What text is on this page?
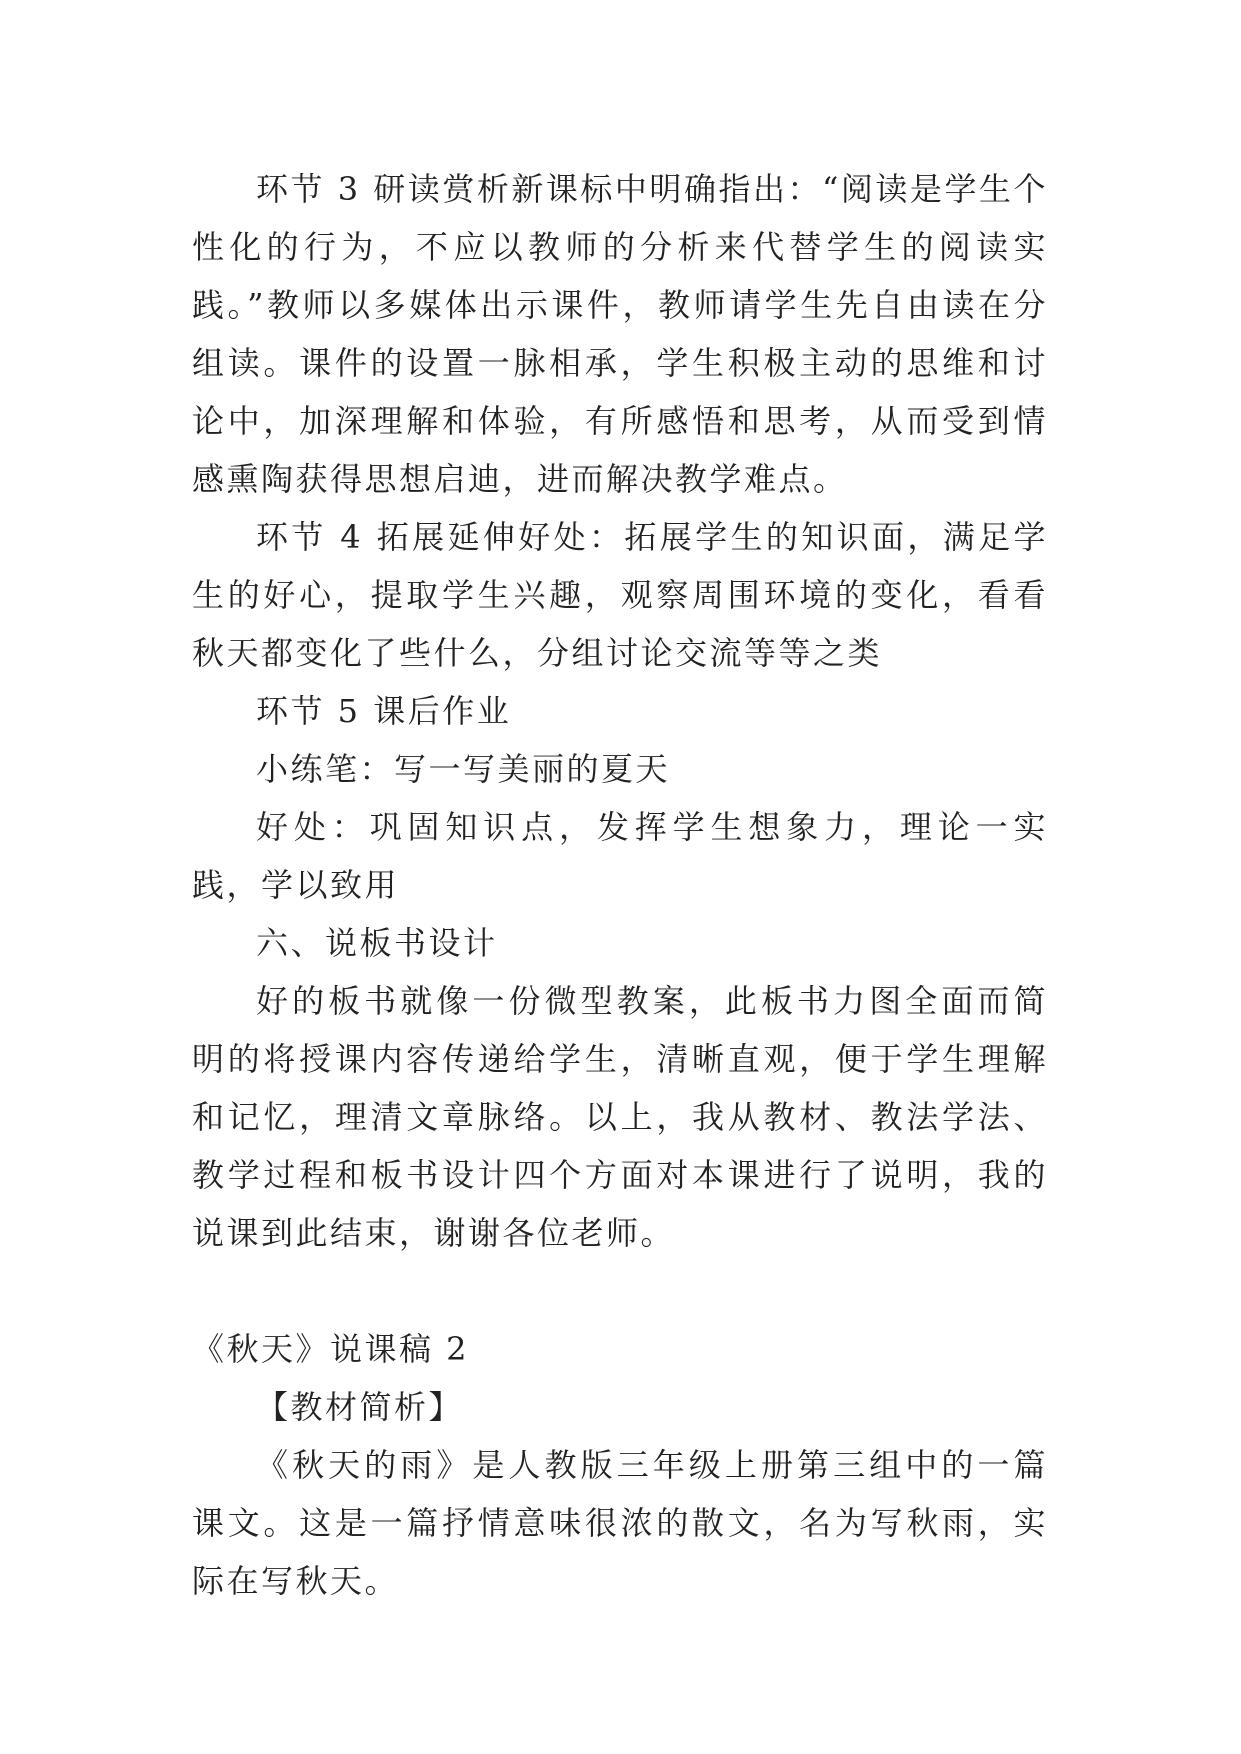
环节 3 研读赏析新课标中明确指出：“阅读是学生个性化的行为，不应以教师的分析来代替学生的阅读实践。”教师以多媒体出示课件，教师请学生先自由读在分组读。课件的设置一脉相承，学生积极主动的思维和讨论中，加深理解和体验，有所感悟和思考，从而受到情感熏陶获得思想启迪，进而解决教学难点。

环节 4 拓展延伸好处：拓展学生的知识面，满足学生的好心，提取学生兴趣，观察周围环境的变化，看看秋天都变化了些什么，分组讨论交流等等之类

环节 5 课后作业

小练笔：写一写美丽的夏天

好处：巩固知识点，发挥学生想象力，理论一实践，学以致用

六、说板书设计

好的板书就像一份微型教案，此板书力图全面而简明的将授课内容传递给学生，清晰直观，便于学生理解和记忆，理清文章脉络。以上，我从教材、教法学法、教学过程和板书设计四个方面对本课进行了说明，我的说课到此结束，谢谢各位老师。

《秋天》说课稿 2

【教材简析】

《秋天的雨》是人教版三年级上册第三组中的一篇课文。这是一篇抒情意味很浓的散文，名为写秋雨，实际在写秋天。
